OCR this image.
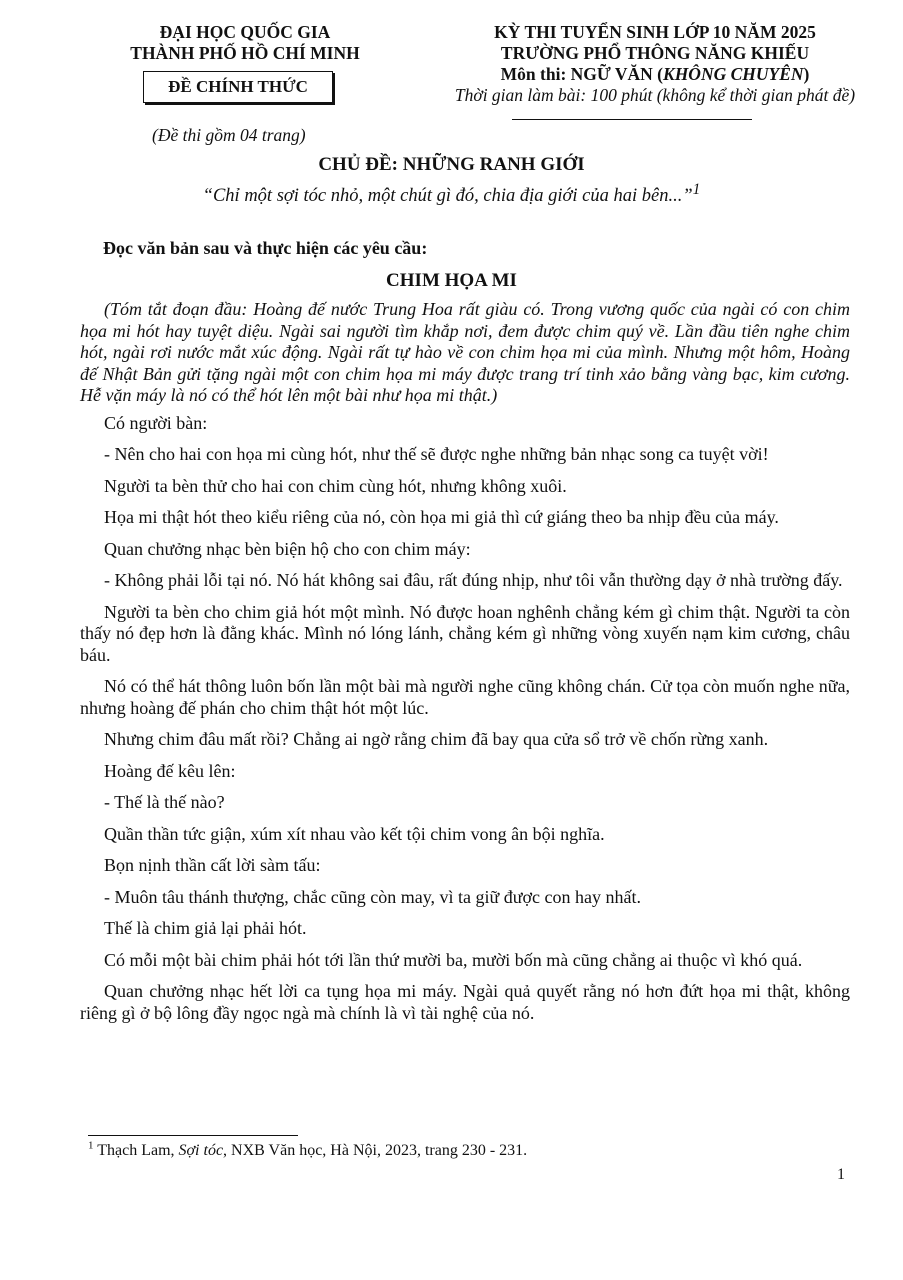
ĐẠI HỌC QUỐC GIA
THÀNH PHỐ HỒ CHÍ MINH
ĐỀ CHÍNH THỨC
(Đề thi gồm 04 trang)
KỲ THI TUYỂN SINH LỚP 10 NĂM 2025
TRƯỜNG PHỔ THÔNG NĂNG KHIẾU
Môn thi: NGỮ VĂN (KHÔNG CHUYÊN)
Thời gian làm bài: 100 phút (không kể thời gian phát đề)
CHỦ ĐỀ: NHỮNG RANH GIỚI
“Chỉ một sợi tóc nhỏ, một chút gì đó, chia địa giới của hai bên...”$^1$
Đọc văn bản sau và thực hiện các yêu cầu:
CHIM HỌA MI

(Tóm tắt đoạn đầu: Hoàng đế nước Trung Hoa rất giàu có. Trong vương quốc của ngài có con chim họa mi hót hay tuyệt diệu. Ngài sai người tìm khắp nơi, đem được chim quý về. Lần đầu tiên nghe chim hót, ngài rơi nước mắt xúc động. Ngài rất tự hào về con chim họa mi của mình. Nhưng một hôm, Hoàng đế Nhật Bản gửi tặng ngài một con chim họa mi máy được trang trí tinh xảo bằng vàng bạc, kim cương. Hễ vặn máy là nó có thể hót lên một bài như họa mi thật.)

Có người bàn:

- Nên cho hai con họa mi cùng hót, như thế sẽ được nghe những bản nhạc song ca tuyệt vời!

Người ta bèn thử cho hai con chim cùng hót, nhưng không xuôi.

Họa mi thật hót theo kiểu riêng của nó, còn họa mi giả thì cứ giáng theo ba nhịp đều của máy.

Quan chưởng nhạc bèn biện hộ cho con chim máy:

- Không phải lỗi tại nó. Nó hát không sai đâu, rất đúng nhịp, như tôi vẫn thường dạy ở nhà trường đấy.

Người ta bèn cho chim giả hót một mình. Nó được hoan nghênh chẳng kém gì chim thật. Người ta còn thấy nó đẹp hơn là đằng khác. Mình nó lóng lánh, chẳng kém gì những vòng xuyến nạm kim cương, châu báu.

Nó có thể hát thông luôn bốn lần một bài mà người nghe cũng không chán. Cử tọa còn muốn nghe nữa, nhưng hoàng đế phán cho chim thật hót một lúc.

Nhưng chim đâu mất rồi? Chẳng ai ngờ rằng chim đã bay qua cửa sổ trở về chốn rừng xanh.

Hoàng đế kêu lên:

- Thế là thế nào?

Quần thần tức giận, xúm xít nhau vào kết tội chim vong ân bội nghĩa.

Bọn nịnh thần cất lời sàm tấu:

- Muôn tâu thánh thượng, chắc cũng còn may, vì ta giữ được con hay nhất.

Thế là chim giả lại phải hót.

Có mỗi một bài chim phải hót tới lần thứ mười ba, mười bốn mà cũng chẳng ai thuộc vì khó quá.

Quan chưởng nhạc hết lời ca tụng họa mi máy. Ngài quả quyết rằng nó hơn đứt họa mi thật, không riêng gì ở bộ lông đầy ngọc ngà mà chính là vì tài nghệ của nó.

$^1$ Thạch Lam, Sợi tóc, NXB Văn học, Hà Nội, 2023, trang 230 - 231.
1
